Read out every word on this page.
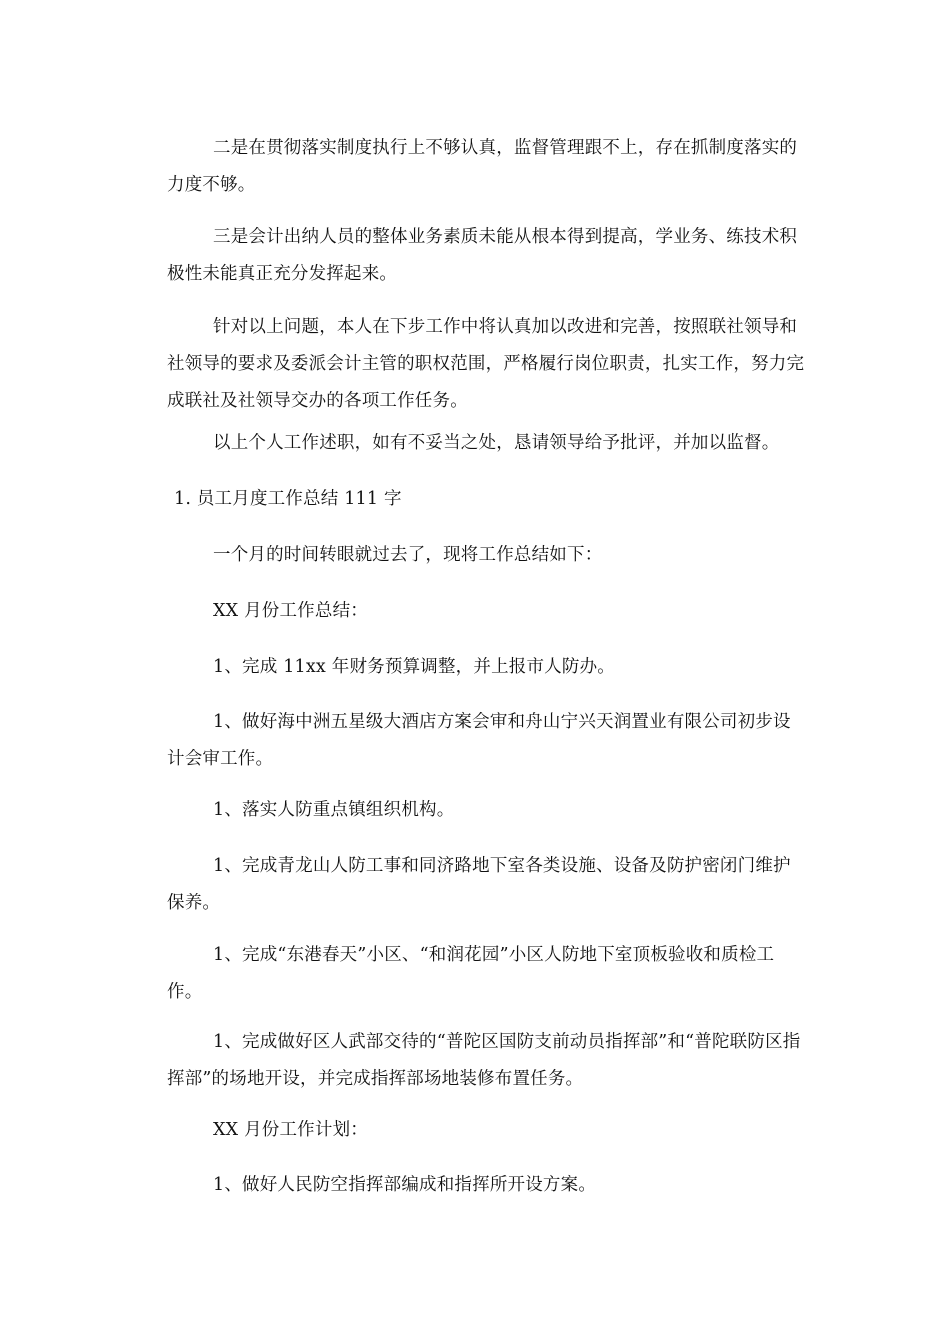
二是在贯彻落实制度执行上不够认真，监督管理跟不上，存在抓制度落实的力度不够。

三是会计出纳人员的整体业务素质未能从根本得到提高，学业务、练技术积极性未能真正充分发挥起来。

针对以上问题，本人在下步工作中将认真加以改进和完善，按照联社领导和社领导的要求及委派会计主管的职权范围，严格履行岗位职责，扎实工作，努力完成联社及社领导交办的各项工作任务。

以上个人工作述职，如有不妥当之处，恳请领导给予批评，并加以监督。

1. 员工月度工作总结 111 字

一个月的时间转眼就过去了，现将工作总结如下：

XX 月份工作总结：

1、完成 11xx 年财务预算调整，并上报市人防办。

1、做好海中洲五星级大酒店方案会审和舟山宁兴天润置业有限公司初步设计会审工作。

1、落实人防重点镇组织机构。

1、完成青龙山人防工事和同济路地下室各类设施、设备及防护密闭门维护保养。

1、完成“东港春天”小区、“和润花园”小区人防地下室顶板验收和质检工作。

1、完成做好区人武部交待的“普陀区国防支前动员指挥部”和“普陀联防区指挥部”的场地开设，并完成指挥部场地装修布置任务。

XX 月份工作计划：

1、做好人民防空指挥部编成和指挥所开设方案。
